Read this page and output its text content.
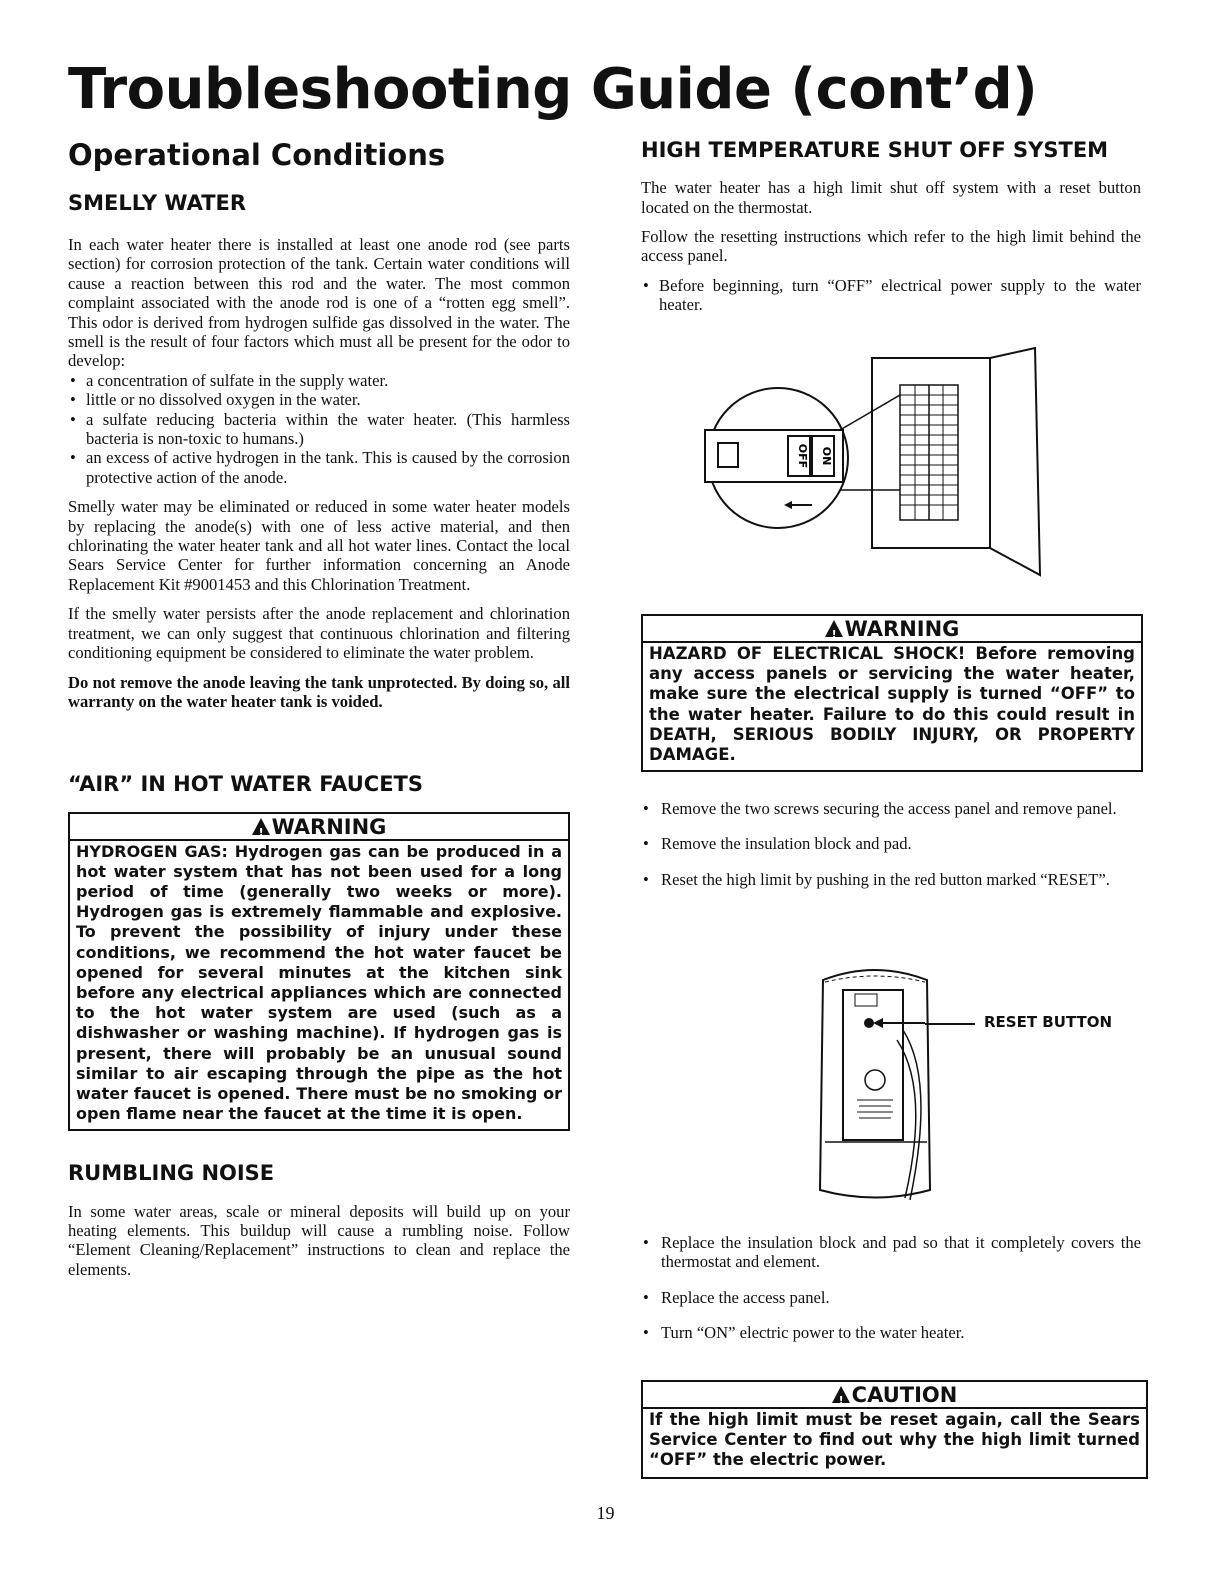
Troubleshooting Guide (cont’d)
Operational Conditions
SMELLY WATER

In each water heater there is installed at least one anode rod (see parts section) for corrosion protection of the tank. Certain water conditions will cause a reaction between this rod and the water. The most common complaint associated with the anode rod is one of a “rotten egg smell”. This odor is derived from hydrogen sulfide gas dissolved in the water. The smell is the result of four factors which must all be present for the odor to develop:

• a concentration of sulfate in the supply water.
• little or no dissolved oxygen in the water.
• a sulfate reducing bacteria within the water heater. (This harmless bacteria is non-toxic to humans.)
• an excess of active hydrogen in the tank. This is caused by the corrosion protective action of the anode.

Smelly water may be eliminated or reduced in some water heater models by replacing the anode(s) with one of less active material, and then chlorinating the water heater tank and all hot water lines. Contact the local Sears Service Center for further information concerning an Anode Replacement Kit #9001453 and this Chlorination Treatment.

If the smelly water persists after the anode replacement and chlorination treatment, we can only suggest that continuous chlorination and filtering conditioning equipment be considered to eliminate the water problem.

Do not remove the anode leaving the tank unprotected. By doing so, all warranty on the water heater tank is voided.

“AIR” IN HOT WATER FAUCETS
!WARNING
HYDROGEN GAS: Hydrogen gas can be produced in a hot water system that has not been used for a long period of time (generally two weeks or more). Hydrogen gas is extremely flammable and explosive. To prevent the possibility of injury under these conditions, we recommend the hot water faucet be opened for several minutes at the kitchen sink before any electrical appliances which are connected to the hot water system are used (such as a dishwasher or washing machine). If hydrogen gas is present, there will probably be an unusual sound similar to air escaping through the pipe as the hot water faucet is opened. There must be no smoking or open flame near the faucet at the time it is open.
RUMBLING NOISE

In some water areas, scale or mineral deposits will build up on your heating elements. This buildup will cause a rumbling noise. Follow “Element Cleaning/Replacement” instructions to clean and replace the elements.

HIGH TEMPERATURE SHUT OFF SYSTEM

The water heater has a high limit shut off system with a reset button located on the thermostat.

Follow the resetting instructions which refer to the high limit behind the access panel.

• Before beginning, turn “OFF” electrical power supply to the water heater.
OFF ON
!WARNING
HAZARD OF ELECTRICAL SHOCK! Before removing any access panels or servicing the water heater, make sure the electrical supply is turned “OFF” to the water heater. Failure to do this could result in DEATH, SERIOUS BODILY INJURY, OR PROPERTY DAMAGE.
• Remove the two screws securing the access panel and remove panel.
• Remove the insulation block and pad.
• Reset the high limit by pushing in the red button marked “RESET”.
RESET BUTTON
• Replace the insulation block and pad so that it completely covers the thermostat and element.
• Replace the access panel.
• Turn “ON” electric power to the water heater.
!CAUTION
If the high limit must be reset again, call the Sears Service Center to find out why the high limit turned “OFF” the electric power.
19
